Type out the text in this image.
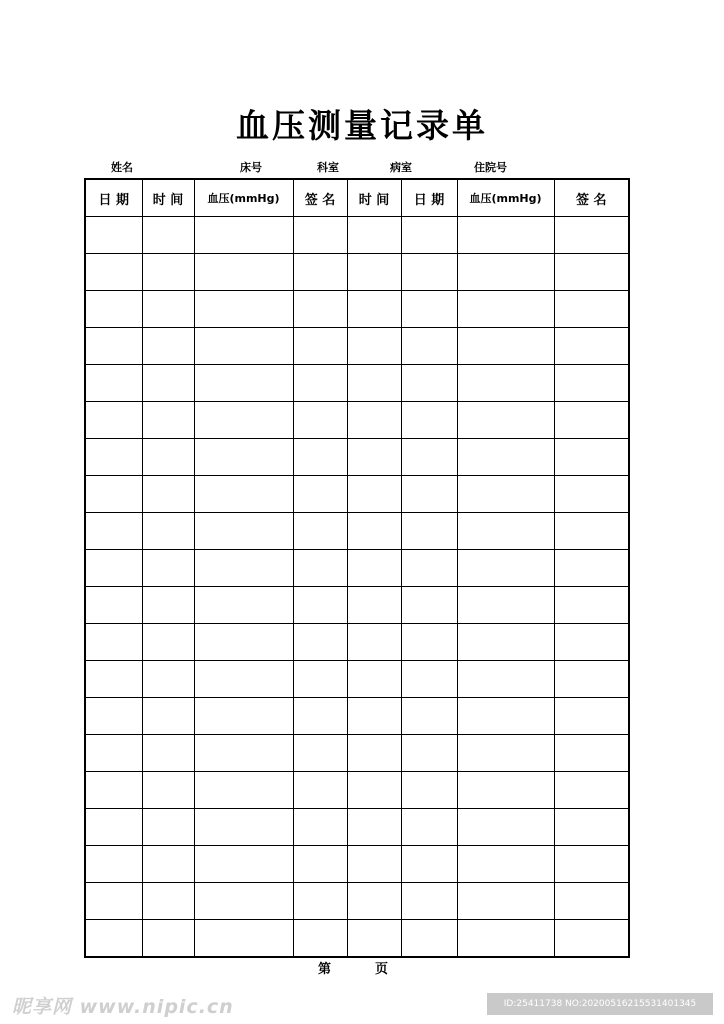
血压测量记录单
姓名	床号	科室	病室	住院号
日 期	时 间	血压(mmHg)	签 名	时 间	日 期	血压(mmHg)	签 名

第	页
昵享网 www.nipic.cn	ID:25411738 NO:20200516215531401345
